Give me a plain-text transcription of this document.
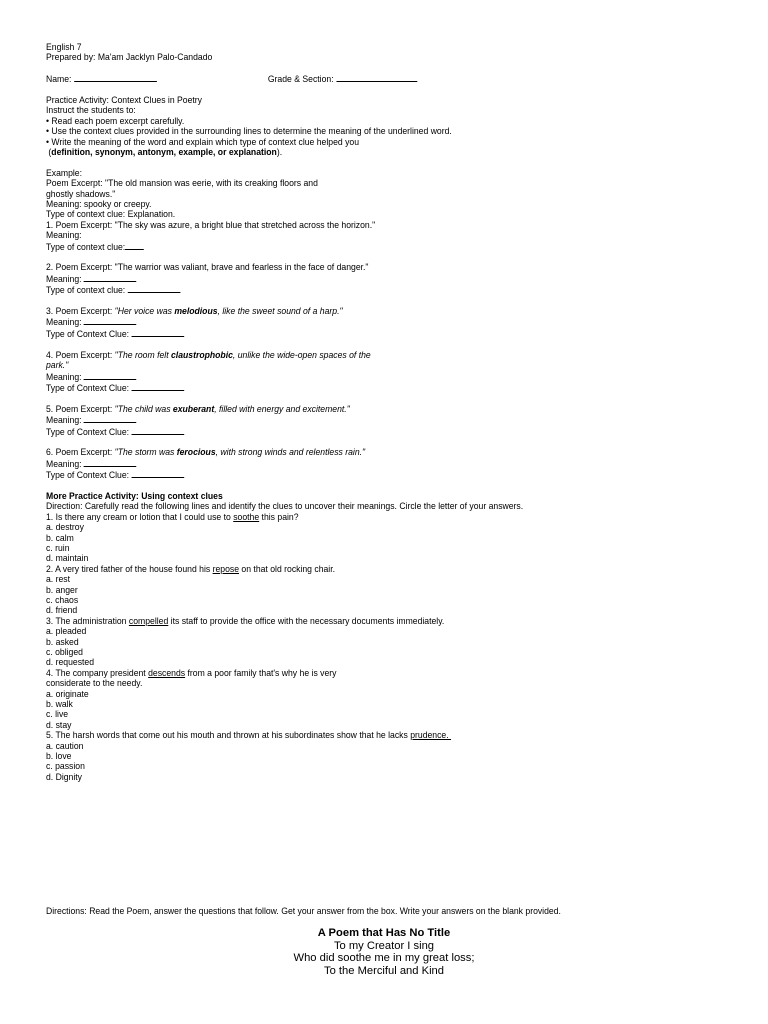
English 7
Prepared by: Ma'am Jacklyn Palo-Candado
Name:	Grade & Section:
Practice Activity: Context Clues in Poetry
Instruct the students to:
• Read each poem excerpt carefully.
• Use the context clues provided in the surrounding lines to determine the meaning of the underlined word.
• Write the meaning of the word and explain which type of context clue helped you
(definition, synonym, antonym, example, or explanation).
Example:
Poem Excerpt: "The old mansion was eerie, with its creaking floors and
ghostly shadows."
Meaning: spooky or creepy.
Type of context clue: Explanation.
1. Poem Excerpt: "The sky was azure, a bright blue that stretched across the horizon."
Meaning:
Type of context clue:
2. Poem Excerpt: "The warrior was valiant, brave and fearless in the face of danger."
Meaning:
Type of context clue:
3. Poem Excerpt: "Her voice was melodious, like the sweet sound of a harp."
Meaning:
Type of Context Clue:
4. Poem Excerpt: "The room felt claustrophobic, unlike the wide-open spaces of the
park."
Meaning:
Type of Context Clue:
5. Poem Excerpt: "The child was exuberant, filled with energy and excitement."
Meaning:
Type of Context Clue:
6. Poem Excerpt: "The storm was ferocious, with strong winds and relentless rain."
Meaning:
Type of Context Clue:
More Practice Activity: Using context clues
Direction: Carefully read the following lines and identify the clues to uncover their meanings. Circle the letter of your answers.
1. Is there any cream or lotion that I could use to soothe this pain?
a. destroy
b. calm
c. ruin
d. maintain
2. A very tired father of the house found his repose on that old rocking chair.
a. rest
b. anger
c. chaos
d. friend
3. The administration compelled its staff to provide the office with the necessary documents immediately.
a. pleaded
b. asked
c. obliged
d. requested
4. The company president descends from a poor family that's why he is very
considerate to the needy.
a. originate
b. walk
c. live
d. stay
5. The harsh words that come out his mouth and thrown at his subordinates show that he lacks prudence.
a. caution
b. love
c. passion
d. Dignity
Directions: Read the Poem, answer the questions that follow. Get your answer from the box. Write your answers on the blank provided.
A Poem that Has No Title
To my Creator I sing
Who did soothe me in my great loss;
To the Merciful and Kind
